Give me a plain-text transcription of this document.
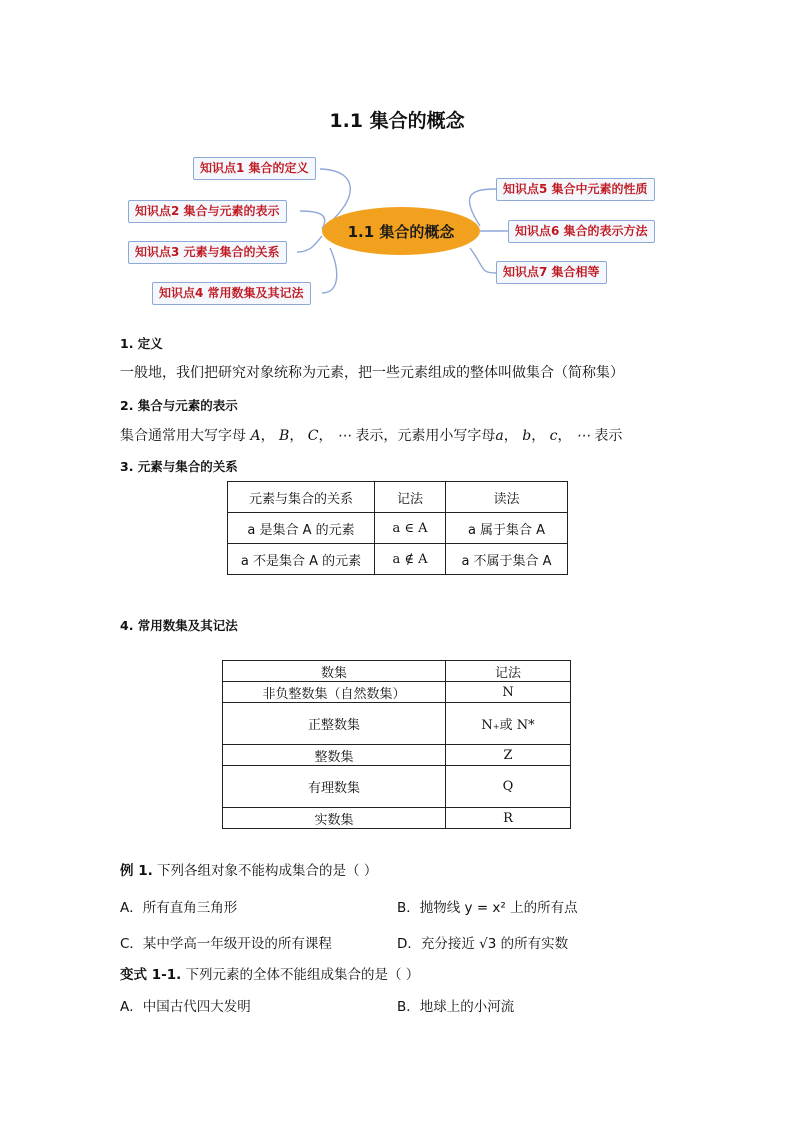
1.1 集合的概念
知识点1 集合的定义
知识点2 集合与元素的表示
知识点3 元素与集合的关系
知识点4 常用数集及其记法
知识点5 集合中元素的性质
知识点6 集合的表示方法
知识点7 集合相等
1.1 集合的概念
1. 定义
一般地，我们把研究对象统称为元素，把一些元素组成的整体叫做集合（简称集）
2. 集合与元素的表示
集合通常用大写字母 A， B， C， ⋯ 表示，元素用小写字母a， b， c， ⋯ 表示
3. 元素与集合的关系
元素与集合的关系	记法	读法
a 是集合 A 的元素	a ∈ A	a 属于集合 A
a 不是集合 A 的元素	a ∉ A	a 不属于集合 A
4. 常用数集及其记法
数集	记法
非负整数集（自然数集）	N
正整数集	N₊或 N*
整数集	Z
有理数集	Q
实数集	R
例 1. 下列各组对象不能构成集合的是（ ）
A．所有直角三角形	B．抛物线 y = x² 上的所有点
C．某中学高一年级开设的所有课程	D．充分接近 √3 的所有实数
变式 1-1. 下列元素的全体不能组成集合的是（ ）
A．中国古代四大发明	B．地球上的小河流
